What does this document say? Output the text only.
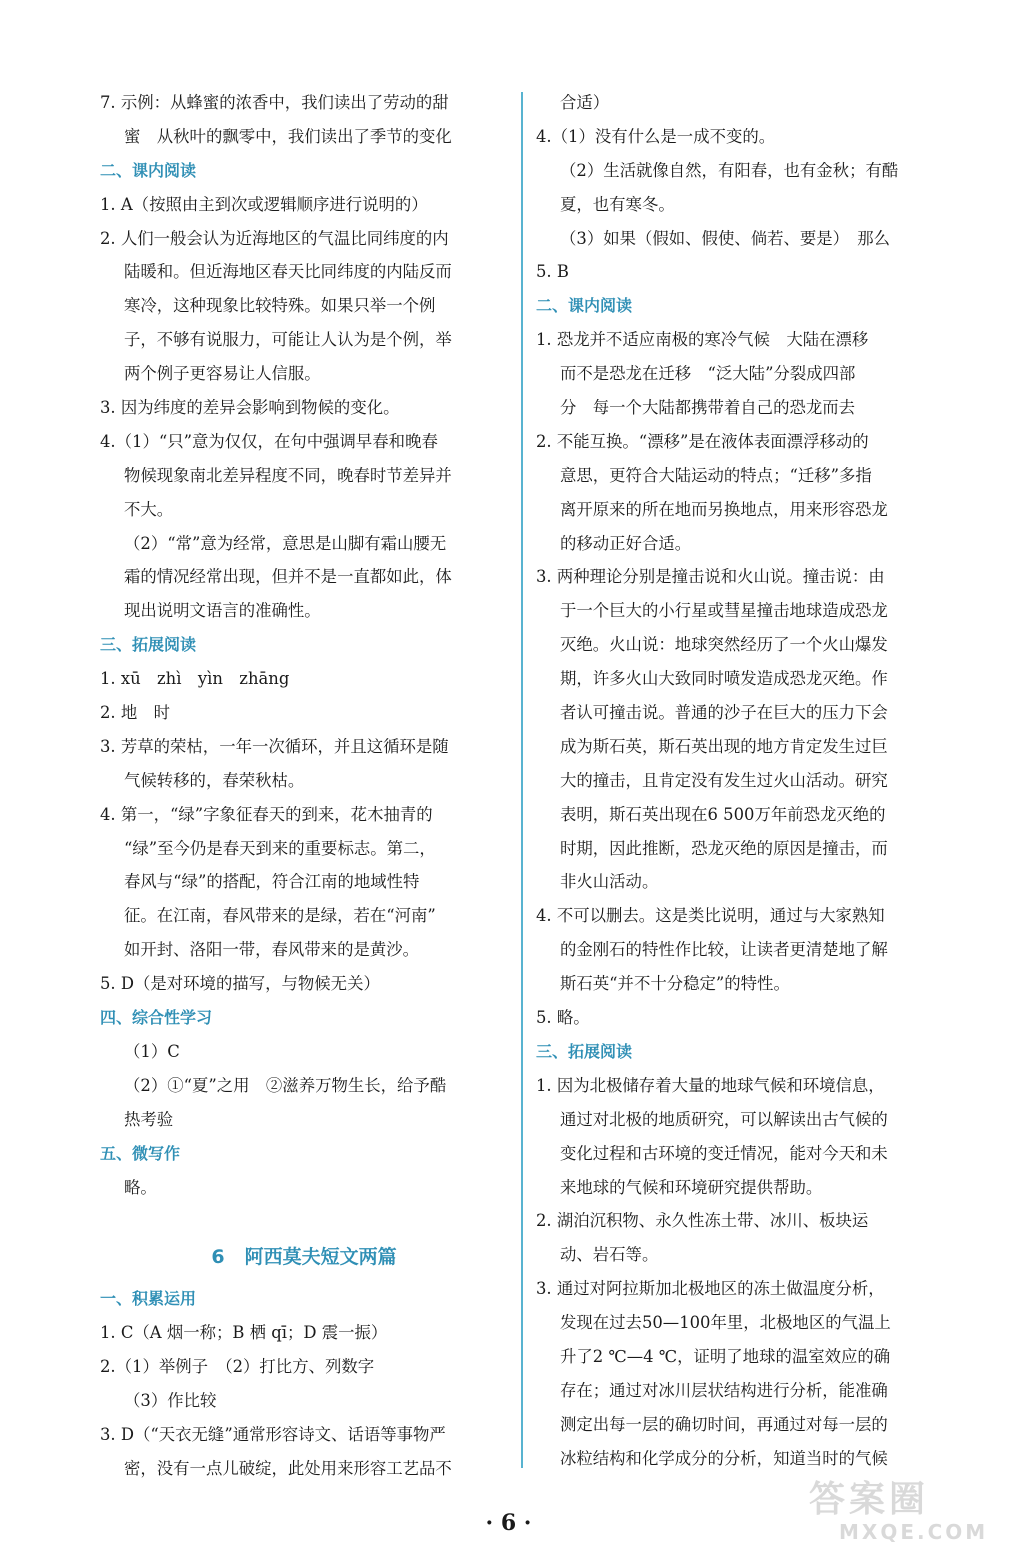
7. 示例：从蜂蜜的浓香中，我们读出了劳动的甜
蜜　从秋叶的飘零中，我们读出了季节的变化
二、课内阅读
1. A（按照由主到次或逻辑顺序进行说明的）
2. 人们一般会认为近海地区的气温比同纬度的内
陆暖和。但近海地区春天比同纬度的内陆反而
寒冷，这种现象比较特殊。如果只举一个例
子，不够有说服力，可能让人认为是个例，举
两个例子更容易让人信服。
3. 因为纬度的差异会影响到物候的变化。
4.（1）“只”意为仅仅，在句中强调早春和晚春
物候现象南北差异程度不同，晚春时节差异并
不大。
（2）“常”意为经常，意思是山脚有霜山腰无
霜的情况经常出现，但并不是一直都如此，体
现出说明文语言的准确性。
三、拓展阅读
1. xū　zhì　yìn　zhāng
2. 地　时
3. 芳草的荣枯，一年一次循环，并且这循环是随
气候转移的，春荣秋枯。
4. 第一，“绿”字象征春天的到来，花木抽青的
“绿”至今仍是春天到来的重要标志。第二，
春风与“绿”的搭配，符合江南的地域性特
征。在江南，春风带来的是绿，若在“河南”
如开封、洛阳一带，春风带来的是黄沙。
5. D（是对环境的描写，与物候无关）
四、综合性学习
（1）C
（2）①“夏”之用　②滋养万物生长，给予酷
热考验
五、微写作
略。
6 阿西莫夫短文两篇
一、积累运用
1. C（A 烟一称；B 栖 qī；D 震一振）
2.（1）举例子　（2）打比方、列数字
（3）作比较
3. D（“天衣无缝”通常形容诗文、话语等事物严
密，没有一点儿破绽，此处用来形容工艺品不
合适）
4.（1）没有什么是一成不变的。
（2）生活就像自然，有阳春，也有金秋；有酷
夏，也有寒冬。
（3）如果（假如、假使、倘若、要是）　那么
5. B
二、课内阅读
1. 恐龙并不适应南极的寒冷气候　大陆在漂移
而不是恐龙在迁移　“泛大陆”分裂成四部
分　每一个大陆都携带着自己的恐龙而去
2. 不能互换。“漂移”是在液体表面漂浮移动的
意思，更符合大陆运动的特点；“迁移”多指
离开原来的所在地而另换地点，用来形容恐龙
的移动正好合适。
3. 两种理论分别是撞击说和火山说。撞击说：由
于一个巨大的小行星或彗星撞击地球造成恐龙
灭绝。火山说：地球突然经历了一个火山爆发
期，许多火山大致同时喷发造成恐龙灭绝。作
者认可撞击说。普通的沙子在巨大的压力下会
成为斯石英，斯石英出现的地方肯定发生过巨
大的撞击，且肯定没有发生过火山活动。研究
表明，斯石英出现在6 500万年前恐龙灭绝的
时期，因此推断，恐龙灭绝的原因是撞击，而
非火山活动。
4. 不可以删去。这是类比说明，通过与大家熟知
的金刚石的特性作比较，让读者更清楚地了解
斯石英“并不十分稳定”的特性。
5. 略。
三、拓展阅读
1. 因为北极储存着大量的地球气候和环境信息，
通过对北极的地质研究，可以解读出古气候的
变化过程和古环境的变迁情况，能对今天和未
来地球的气候和环境研究提供帮助。
2. 湖泊沉积物、永久性冻土带、冰川、板块运
动、岩石等。
3. 通过对阿拉斯加北极地区的冻土做温度分析，
发现在过去50—100年里，北极地区的气温上
升了2 ℃—4 ℃，证明了地球的温室效应的确
存在；通过对冰川层状结构进行分析，能准确
测定出每一层的确切时间，再通过对每一层的
冰粒结构和化学成分的分析，知道当时的气候
· 6 ·
答案圈
MXQE.COM
